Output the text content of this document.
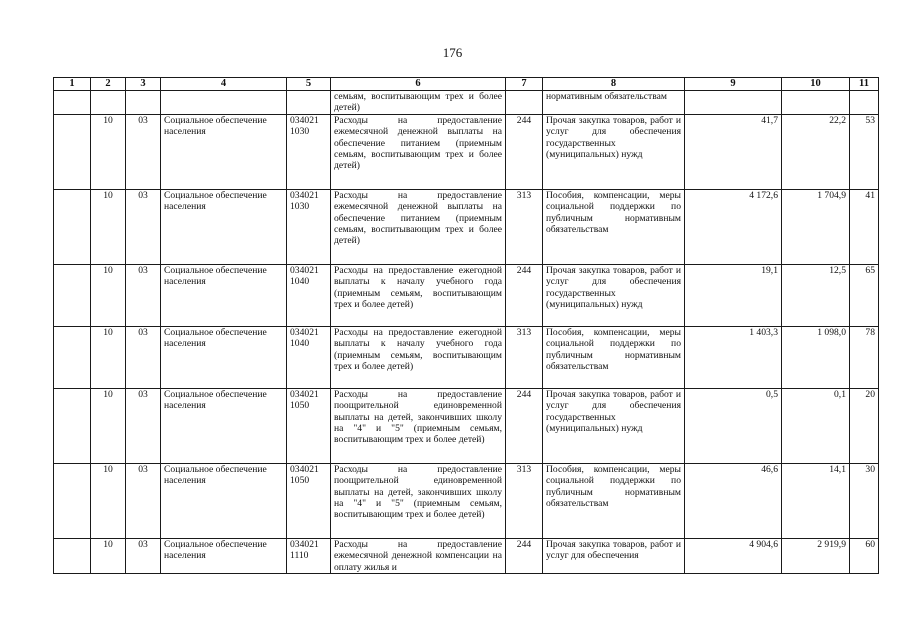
176
1	2	3	4	5	6	7	8	9	10	11
					семьям, воспитывающим трех и более детей)		нормативным обязательствам			
	10	03	Социальное обеспечение населения	034021 1030	Расходы на предоставление ежемесячной денежной выплаты на обеспечение питанием (приемным семьям, воспитывающим трех и более детей)	244	Прочая закупка товаров, работ и услуг для обеспечения государственных (муниципальных) нужд	41,7	22,2	53
	10	03	Социальное обеспечение населения	034021 1030	Расходы на предоставление ежемесячной денежной выплаты на обеспечение питанием (приемным семьям, воспитывающим трех и более детей)	313	Пособия, компенсации, меры социальной поддержки по публичным нормативным обязательствам	4 172,6	1 704,9	41
	10	03	Социальное обеспечение населения	034021 1040	Расходы на предоставление ежегодной выплаты к началу учебного года (приемным семьям, воспитывающим трех и более детей)	244	Прочая закупка товаров, работ и услуг для обеспечения государственных (муниципальных) нужд	19,1	12,5	65
	10	03	Социальное обеспечение населения	034021 1040	Расходы на предоставление ежегодной выплаты к началу учебного года (приемным семьям, воспитывающим трех и более детей)	313	Пособия, компенсации, меры социальной поддержки по публичным нормативным обязательствам	1 403,3	1 098,0	78
	10	03	Социальное обеспечение населения	034021 1050	Расходы на предоставление поощрительной единовременной выплаты на детей, закончивших школу на "4" и "5" (приемным семьям, воспитывающим трех и более детей)	244	Прочая закупка товаров, работ и услуг для обеспечения государственных (муниципальных) нужд	0,5	0,1	20
	10	03	Социальное обеспечение населения	034021 1050	Расходы на предоставление поощрительной единовременной выплаты на детей, закончивших школу на "4" и "5" (приемным семьям, воспитывающим трех и более детей)	313	Пособия, компенсации, меры социальной поддержки по публичным нормативным обязательствам	46,6	14,1	30
	10	03	Социальное обеспечение населения	034021 1110	Расходы на предоставление ежемесячной денежной компенсации на оплату жилья и	244	Прочая закупка товаров, работ и услуг для обеспечения	4 904,6	2 919,9	60
